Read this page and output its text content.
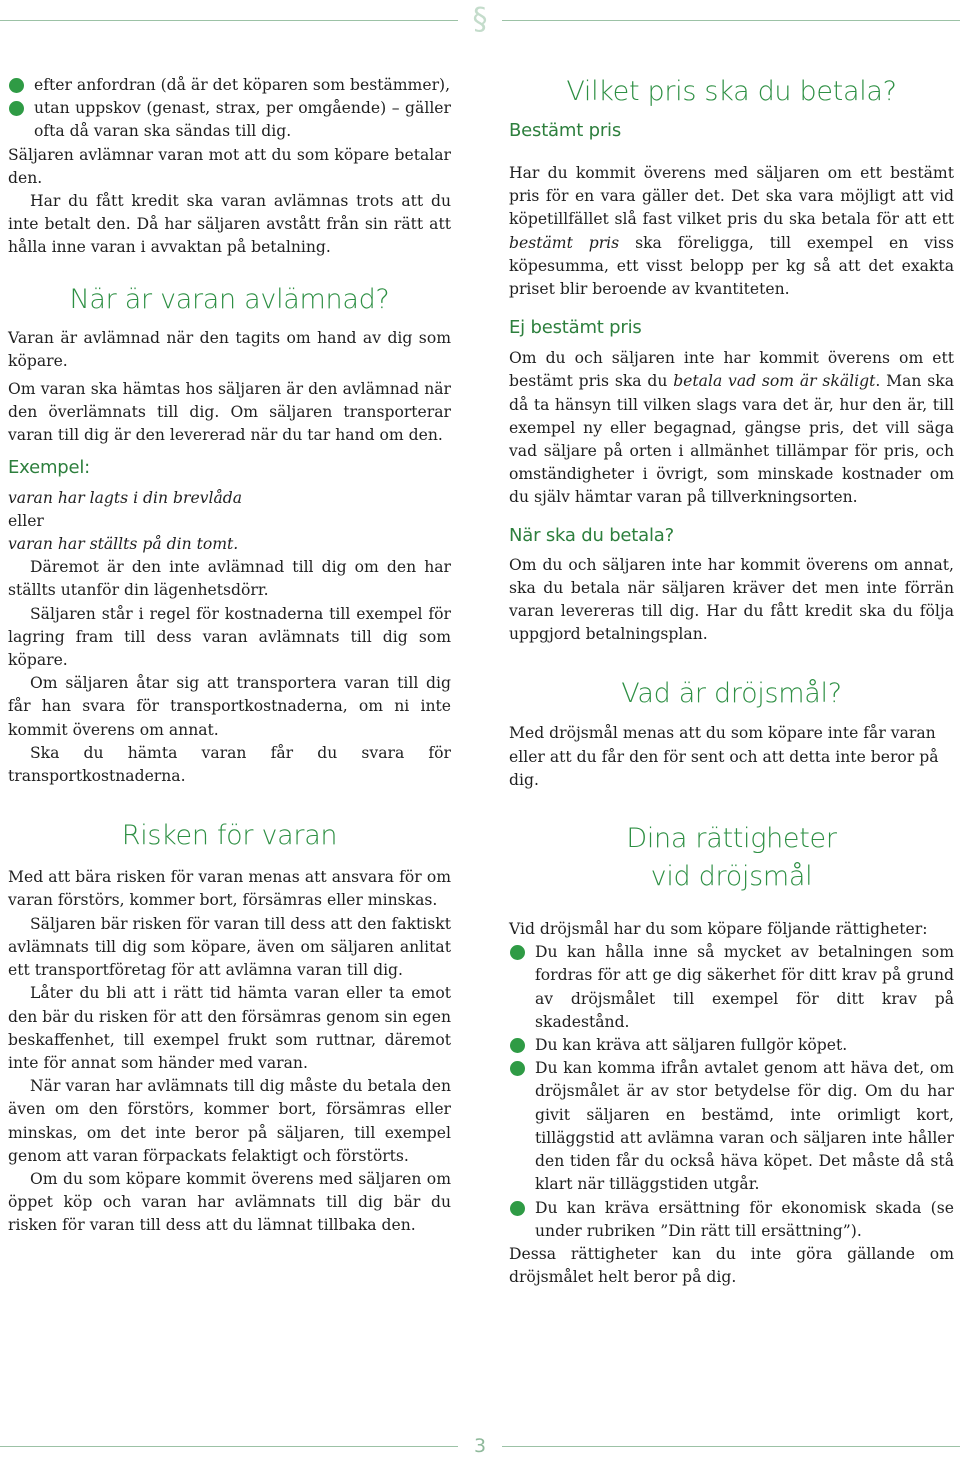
§
efter anfordran (då är det köparen som bestämmer),
utan uppskov (genast, strax, per omgående) – gäller ofta då varan ska sändas till dig.

Säljaren avlämnar varan mot att du som köpare betalar den.

Har du fått kredit ska varan avlämnas trots att du inte betalt den. Då har säljaren avstått från sin rätt att hålla inne varan i avvaktan på betalning.

När är varan avlämnad?

Varan är avlämnad när den tagits om hand av dig som köpare.

Om varan ska hämtas hos säljaren är den avlämnad när den överlämnats till dig. Om säljaren transporterar varan till dig är den levererad när du tar hand om den.

Exempel:

varan har lagts i din brevlåda

eller

varan har ställts på din tomt.

Däremot är den inte avlämnad till dig om den har ställts utanför din lägenhetsdörr.

Säljaren står i regel för kostnaderna till exempel för lagring fram till dess varan avlämnats till dig som köpare.

Om säljaren åtar sig att transportera varan till dig får han svara för transportkostnaderna, om ni inte kommit överens om annat.

Ska du hämta varan får du svara för transportkostnaderna.

Risken för varan

Med att bära risken för varan menas att ansvara för om varan förstörs, kommer bort, försämras eller minskas.

Säljaren bär risken för varan till dess att den faktiskt avlämnats till dig som köpare, även om säljaren anlitat ett transportföretag för att avlämna varan till dig.

Låter du bli att i rätt tid hämta varan eller ta emot den bär du risken för att den försämras genom sin egen beskaffenhet, till exempel frukt som ruttnar, däremot inte för annat som händer med varan.

När varan har avlämnats till dig måste du betala den även om den förstörs, kommer bort, försämras eller minskas, om det inte beror på säljaren, till exempel genom att varan förpackats felaktigt och förstörts.

Om du som köpare kommit överens med säljaren om öppet köp och varan har avlämnats till dig bär du risken för varan till dess att du lämnat tillbaka den.

Vilket pris ska du betala?
Bestämt pris

Har du kommit överens med säljaren om ett bestämt pris för en vara gäller det. Det ska vara möjligt att vid köpetillfället slå fast vilket pris du ska betala för att ett bestämt pris ska föreligga, till exempel en viss köpesumma, ett visst belopp per kg så att det exakta priset blir beroende av kvantiteten.

Ej bestämt pris

Om du och säljaren inte har kommit överens om ett bestämt pris ska du betala vad som är skäligt. Man ska då ta hänsyn till vilken slags vara det är, hur den är, till exempel ny eller begagnad, gängse pris, det vill säga vad säljare på orten i allmänhet tillämpar för pris, och omständigheter i övrigt, som minskade kostnader om du själv hämtar varan på tillverkningsorten.

När ska du betala?

Om du och säljaren inte har kommit överens om annat, ska du betala när säljaren kräver det men inte förrän varan levereras till dig. Har du fått kredit ska du följa uppgjord betalningsplan.

Vad är dröjsmål?

Med dröjsmål menas att du som köpare inte får varan eller att du får den för sent och att detta inte beror på dig.

Dina rättigheter
vid dröjsmål

Vid dröjsmål har du som köpare följande rättigheter:

Du kan hålla inne så mycket av betalningen som fordras för att ge dig säkerhet för ditt krav på grund av dröjsmålet till exempel för ditt krav på skadestånd.
Du kan kräva att säljaren fullgör köpet.
Du kan komma ifrån avtalet genom att häva det, om dröjsmålet är av stor betydelse för dig. Om du har givit säljaren en bestämd, inte orimligt kort, tilläggstid att avlämna varan och säljaren inte håller den tiden får du också häva köpet. Det måste då stå klart när tilläggstiden utgår.
Du kan kräva ersättning för ekonomisk skada (se under rubriken ”Din rätt till ersättning”).

Dessa rättigheter kan du inte göra gällande om dröjsmålet helt beror på dig.

3
